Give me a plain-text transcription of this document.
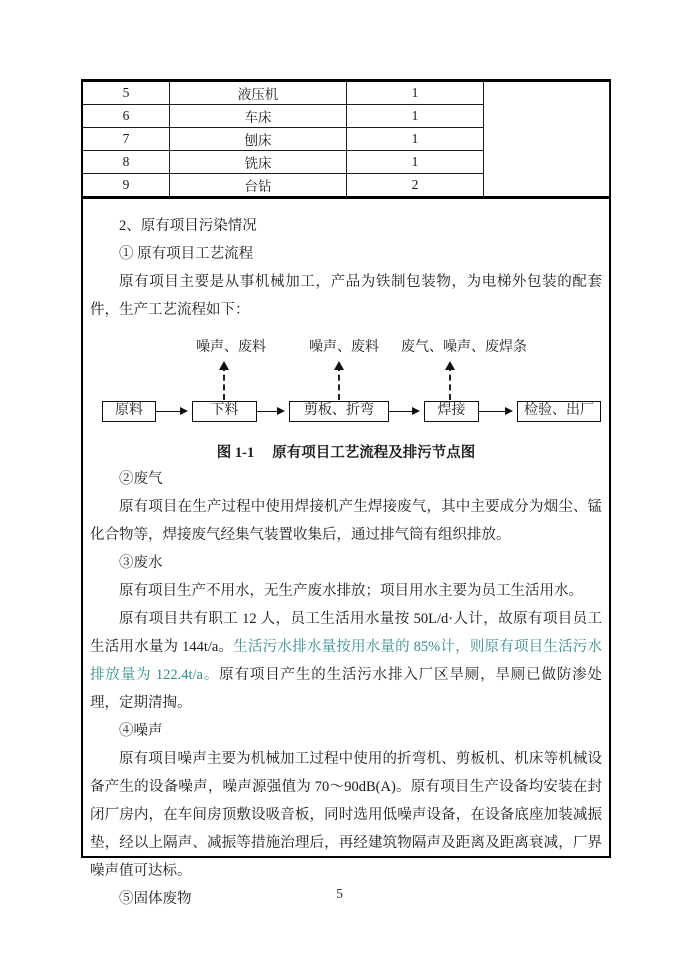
5	液压机	1	
6	车床	1	
7	刨床	1	
8	铣床	1	
9	台钻	2	
2、原有项目污染情况
① 原有项目工艺流程

原有项目主要是从事机械加工，产品为铁制包装物，为电梯外包装的配套件，生产工艺流程如下：

噪声、废料	噪声、废料 废气、噪声、废焊条
原料	下料	剪板、折弯	焊接	检验、出厂
图 1-1 原有项目工艺流程及排污节点图
②废气

原有项目在生产过程中使用焊接机产生焊接废气，其中主要成分为烟尘、锰化合物等，焊接废气经集气装置收集后，通过排气筒有组织排放。

③废水

原有项目生产不用水，无生产废水排放；项目用水主要为员工生活用水。

原有项目共有职工 12 人，员工生活用水量按 50L/d·人计，故原有项目员工生活用水量为 144t/a。生活污水排水量按用水量的 85%计，则原有项目生活污水排放量为 122.4t/a。原有项目产生的生活污水排入厂区旱厕，旱厕已做防渗处理，定期清掏。

④噪声

原有项目噪声主要为机械加工过程中使用的折弯机、剪板机、机床等机械设备产生的设备噪声，噪声源强值为 70～90dB(A)。原有项目生产设备均安装在封闭厂房内，在车间房顶敷设吸音板，同时选用低噪声设备，在设备底座加装减振垫，经以上隔声、减振等措施治理后，再经建筑物隔声及距离及距离衰减，厂界噪声值可达标。

⑤固体废物	5
